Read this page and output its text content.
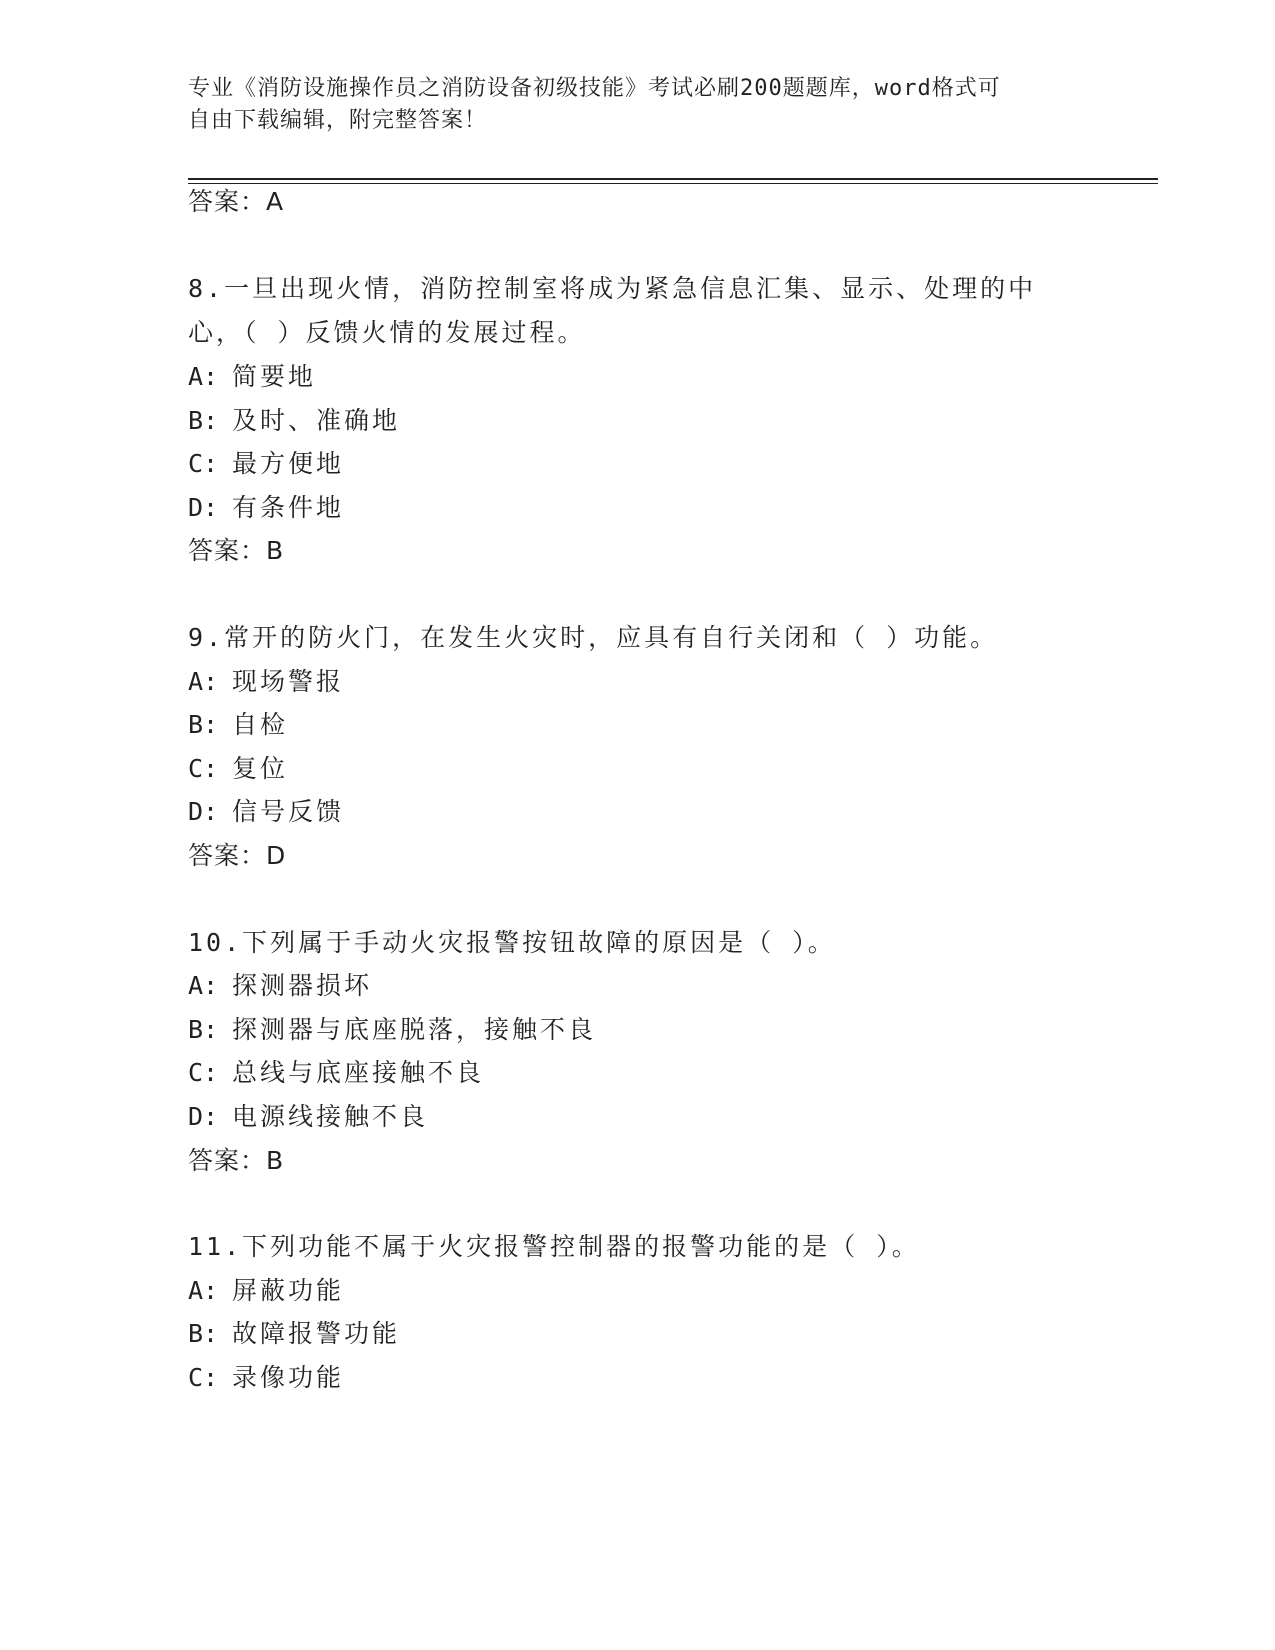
专业《消防设施操作员之消防设备初级技能》考试必刷200题题库，word格式可
自由下载编辑，附完整答案！
答案：A
8.一旦出现火情，消防控制室将成为紧急信息汇集、显示、处理的中
心，（ ）反馈火情的发展过程。
A: 简要地
B: 及时、准确地
C: 最方便地
D: 有条件地
答案：B
9.常开的防火门，在发生火灾时，应具有自行关闭和（ ）功能。
A: 现场警报
B: 自检
C: 复位
D: 信号反馈
答案：D
10.下列属于手动火灾报警按钮故障的原因是（ ）。
A: 探测器损坏
B: 探测器与底座脱落，接触不良
C: 总线与底座接触不良
D: 电源线接触不良
答案：B
11.下列功能不属于火灾报警控制器的报警功能的是（ ）。
A: 屏蔽功能
B: 故障报警功能
C: 录像功能
